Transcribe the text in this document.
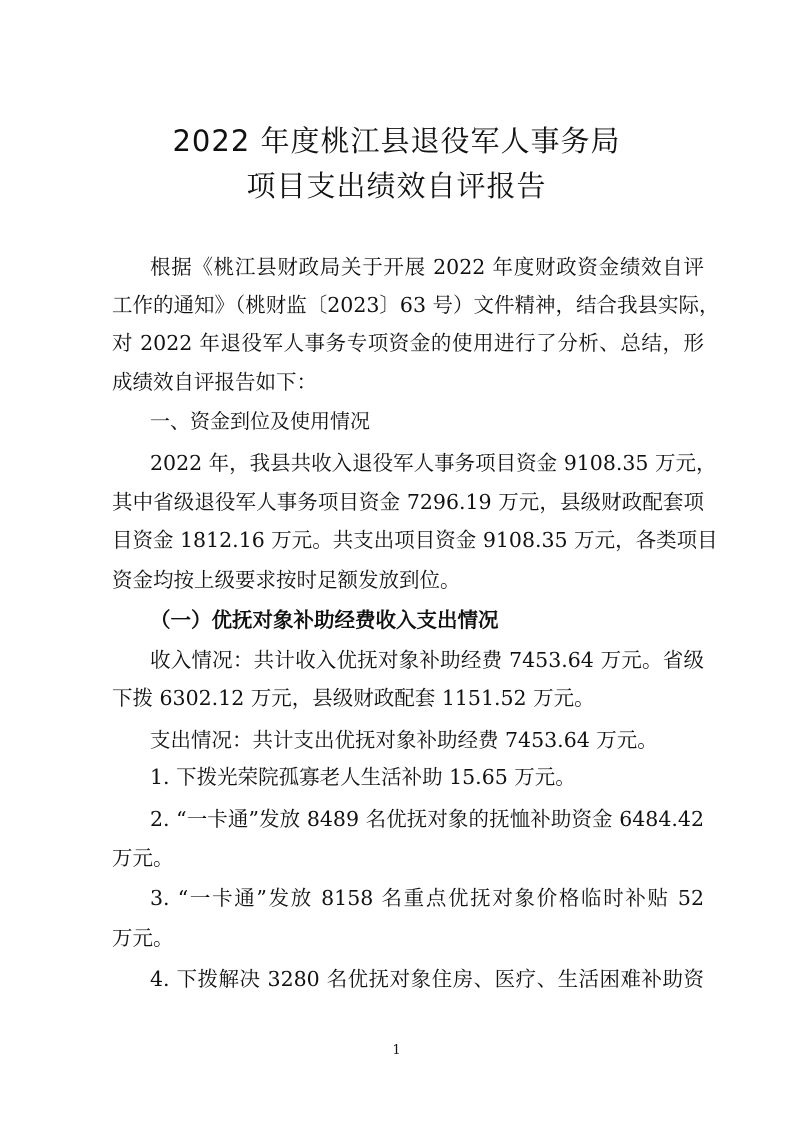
2022 年度桃江县退役军人事务局
项目支出绩效自评报告
根据《桃江县财政局关于开展 2022 年度财政资金绩效自评
工作的通知》（桃财监〔2023〕63 号）文件精神，结合我县实际，
对 2022 年退役军人事务专项资金的使用进行了分析、总结，形
成绩效自评报告如下：
一、资金到位及使用情况
2022 年，我县共收入退役军人事务项目资金 9108.35 万元，
其中省级退役军人事务项目资金 7296.19 万元，县级财政配套项
目资金 1812.16 万元。共支出项目资金 9108.35 万元，各类项目
资金均按上级要求按时足额发放到位。
（一）优抚对象补助经费收入支出情况
收入情况：共计收入优抚对象补助经费 7453.64 万元。省级
下拨 6302.12 万元，县级财政配套 1151.52 万元。
支出情况：共计支出优抚对象补助经费 7453.64 万元。
1. 下拨光荣院孤寡老人生活补助 15.65 万元。
2. “一卡通”发放 8489 名优抚对象的抚恤补助资金 6484.42
万元。
3. “一卡通”发放 8158 名重点优抚对象价格临时补贴 52
万元。
4. 下拨解决 3280 名优抚对象住房、医疗、生活困难补助资
1
